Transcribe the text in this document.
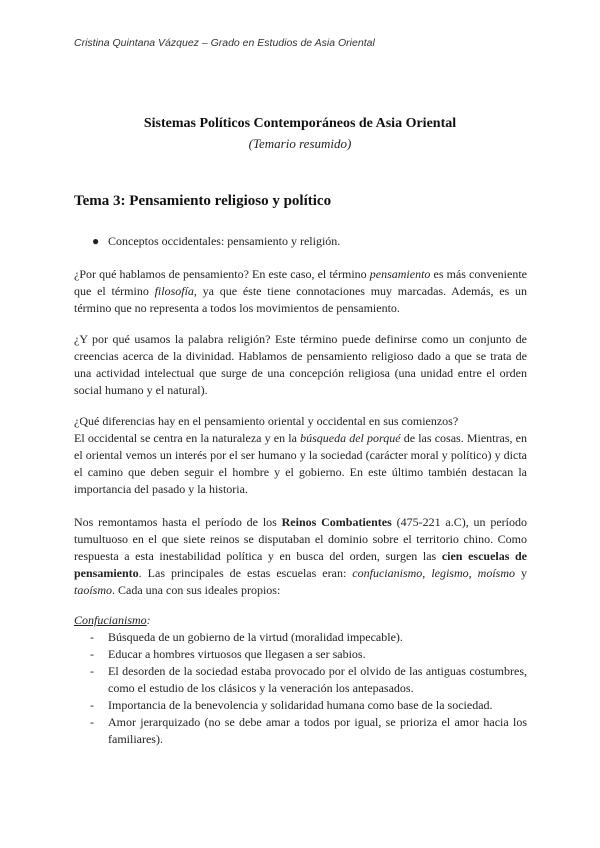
Cristina Quintana Vázquez – Grado en Estudios de Asia Oriental
Sistemas Políticos Contemporáneos de Asia Oriental
(Temario resumido)
Tema 3: Pensamiento religioso y político
● Conceptos occidentales: pensamiento y religión.

¿Por qué hablamos de pensamiento? En este caso, el término pensamiento es más conveniente que el término filosofía, ya que éste tiene connotaciones muy marcadas. Además, es un término que no representa a todos los movimientos de pensamiento.

¿Y por qué usamos la palabra religión? Este término puede definirse como un conjunto de creencias acerca de la divinidad. Hablamos de pensamiento religioso dado a que se trata de una actividad intelectual que surge de una concepción religiosa (una unidad entre el orden social humano y el natural).

¿Qué diferencias hay en el pensamiento oriental y occidental en sus comienzos?
El occidental se centra en la naturaleza y en la búsqueda del porqué de las cosas. Mientras, en el oriental vemos un interés por el ser humano y la sociedad (carácter moral y político) y dicta el camino que deben seguir el hombre y el gobierno. En este último también destacan la importancia del pasado y la historia.

Nos remontamos hasta el período de los Reinos Combatientes (475-221 a.C), un período tumultuoso en el que siete reinos se disputaban el dominio sobre el territorio chino. Como respuesta a esta inestabilidad política y en busca del orden, surgen las cien escuelas de pensamiento. Las principales de estas escuelas eran: confucianismo, legismo, moísmo y taoísmo. Cada una con sus ideales propios:

Confucianismo:
- Búsqueda de un gobierno de la virtud (moralidad impecable).
- Educar a hombres virtuosos que llegasen a ser sabios.
- El desorden de la sociedad estaba provocado por el olvido de las antiguas costumbres, como el estudio de los clásicos y la veneración los antepasados.
- Importancia de la benevolencia y solidaridad humana como base de la sociedad.
- Amor jerarquizado (no se debe amar a todos por igual, se prioriza el amor hacia los familiares).
